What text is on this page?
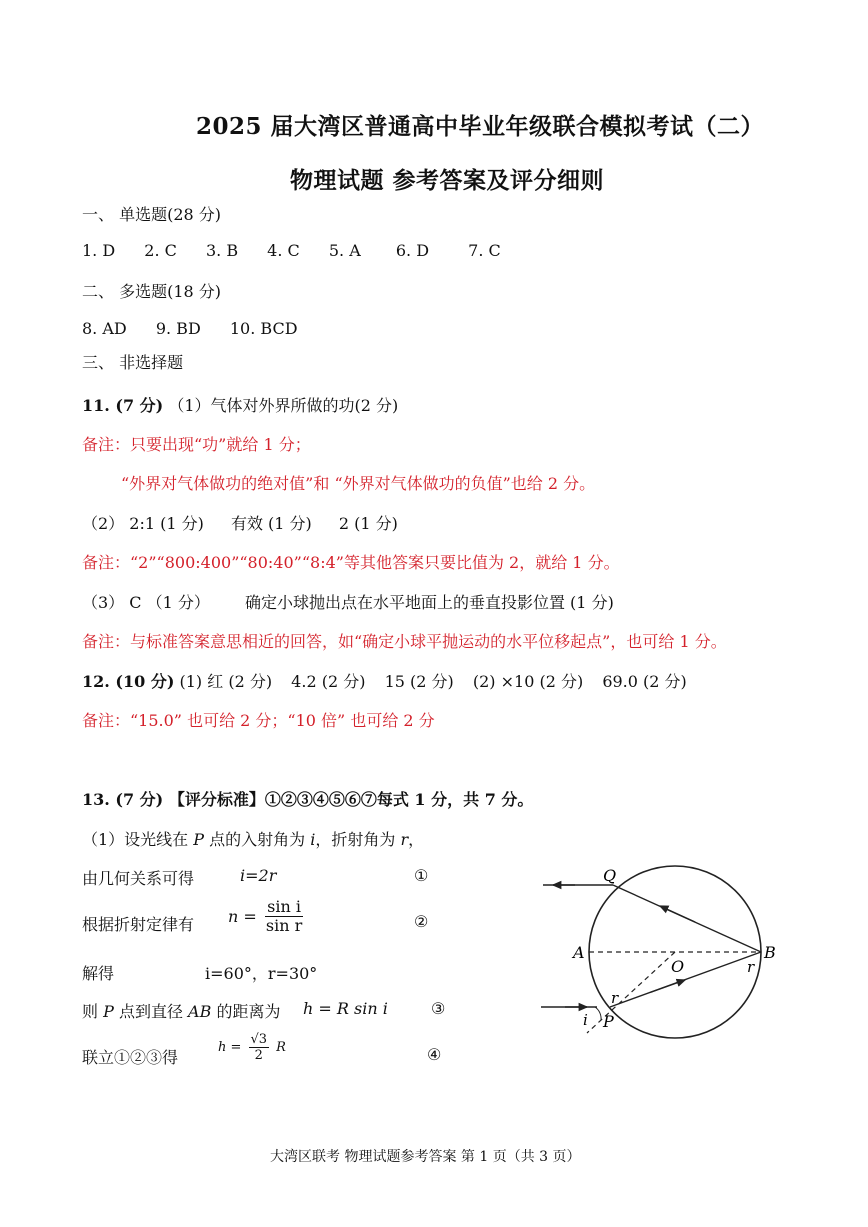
2025 届大湾区普通高中毕业年级联合模拟考试（二）
物理试题 参考答案及评分细则
一、 单选题(28 分)
1. D 2. C 3. B 4. C 5. A 6. D 7. C
二、 多选题(18 分)
8. AD 9. BD 10. BCD
三、 非选择题
11. (7 分) （1）气体对外界所做的功(2 分)
备注：只要出现“功”就给 1 分；
“外界对气体做功的绝对值”和 “外界对气体做功的负值”也给 2 分。
（2） 2:1 (1 分) 有效 (1 分) 2 (1 分)
备注：“2”“800:400”“80:40”“8:4”等其他答案只要比值为 2，就给 1 分。
（3） C （1 分） 确定小球抛出点在水平地面上的垂直投影位置 (1 分)
备注：与标准答案意思相近的回答，如“确定小球平抛运动的水平位移起点”，也可给 1 分。
12. (10 分) (1) 红 (2 分) 4.2 (2 分) 15 (2 分) (2) ×10 (2 分) 69.0 (2 分)
备注：“15.0” 也可给 2 分；“10 倍” 也可给 2 分
13. (7 分) 【评分标准】①②③④⑤⑥⑦每式 1 分，共 7 分。
（1）设光线在 P 点的入射角为 i，折射角为 r，
由几何关系可得	i=2r	①
根据折射定律有 $n = \frac{\text{sin i}}{\text{sin r}}$	②
解得	i=60°，r=30°
则 P 点到直径 AB 的距离为 h = R sin i	③
联立①②③得
$h = \frac{√3}{2}$ R	④
Q
A
O
B
r
r
i P
大湾区联考 物理试题参考答案 第 1 页（共 3 页）
